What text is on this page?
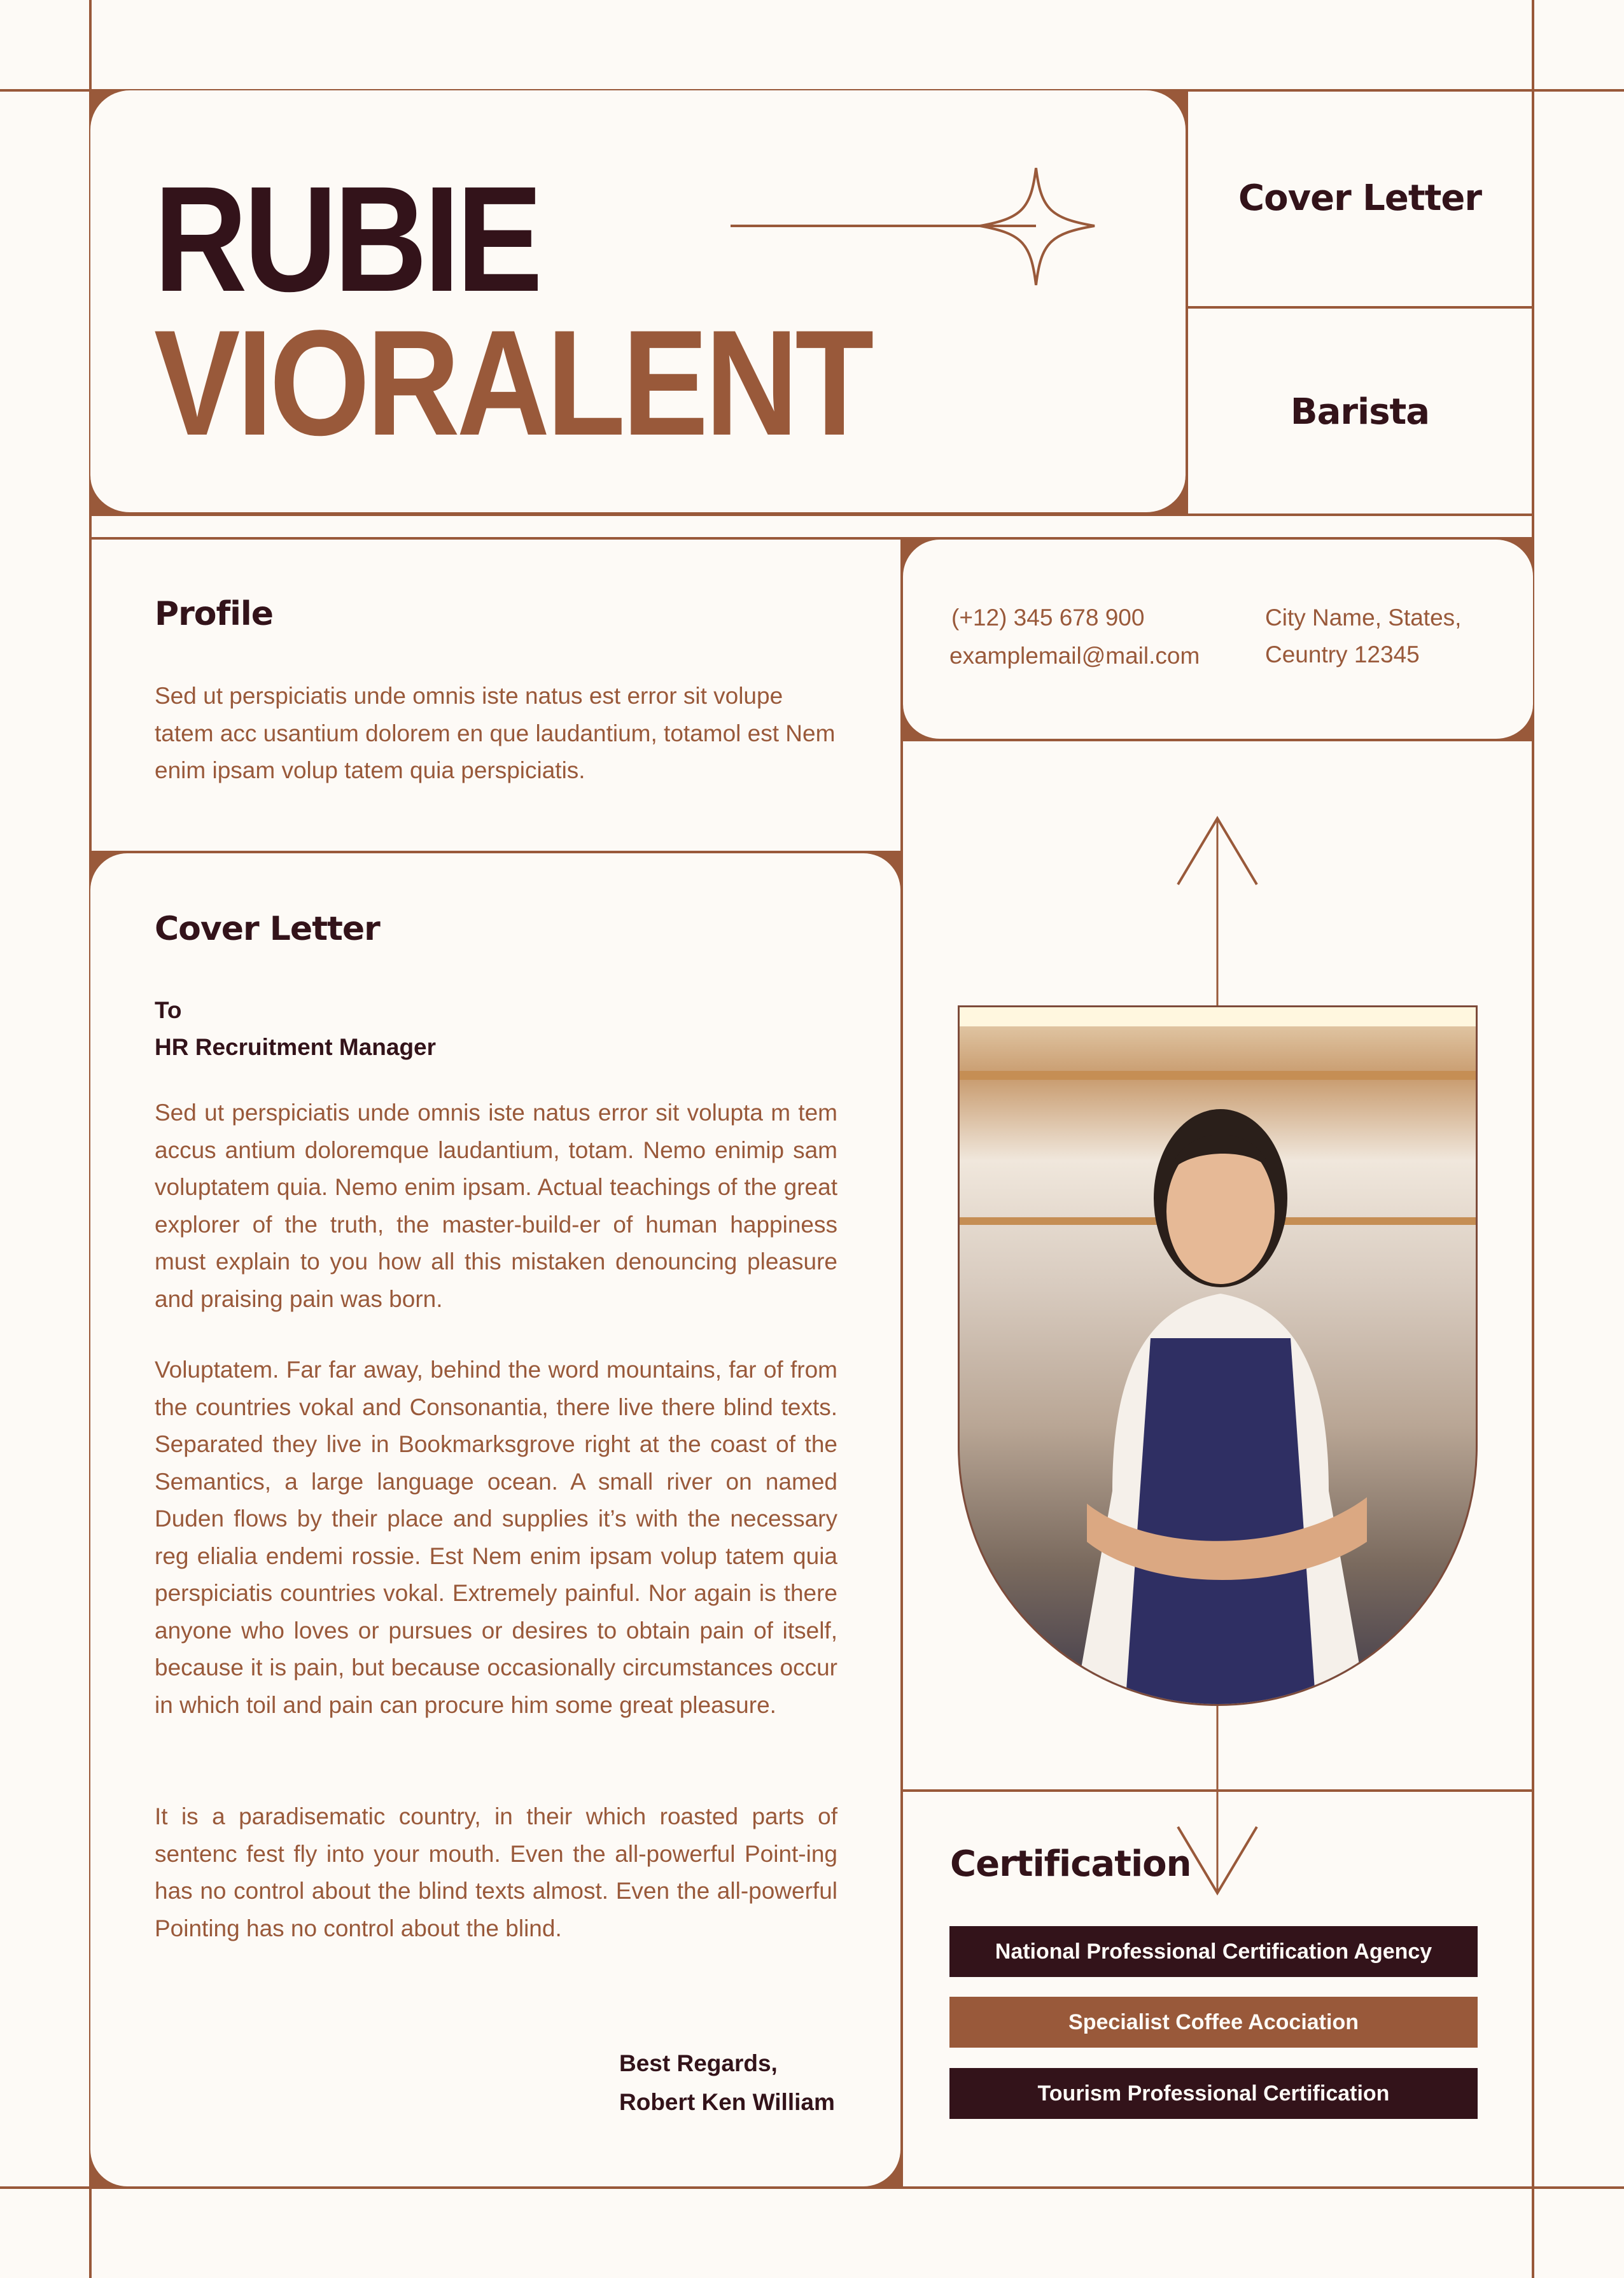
RUBIE
VIORALENT
Cover Letter
Barista
Profile
Sed ut perspiciatis unde omnis iste natus est error sit volupe tatem acc usantium dolorem en que laudantium, totamol est Nem enim ipsam volup tatem quia perspiciatis.
(+12) 345 678 900
examplemail@mail.com
City Name, States,
Ceuntry 12345
Cover Letter
To
HR Recruitment Manager
Sed ut perspiciatis unde omnis iste natus error sit volupta m tem accus antium doloremque laudantium, totam. Nemo enimip sam voluptatem quia. Nemo enim ipsam. Actual teachings of the great explorer of the truth, the master-build-er of human happiness must explain to you how all this mistaken denouncing pleasure and praising pain was born.
Voluptatem. Far far away, behind the word mountains, far of from the countries vokal and Consonantia, there live there blind texts. Separated they live in Bookmarksgrove right at the coast of the Semantics, a large language ocean. A small river on named Duden flows by their place and supplies it’s with the necessary reg elialia endemi rossie. Est Nem enim ipsam volup tatem quia perspiciatis countries vokal. Extremely painful. Nor again is there anyone who loves or pursues or desires to obtain pain of itself, because it is pain, but because occasionally circumstances occur in which toil and pain can procure him some great pleasure.
It is a paradisematic country, in their which roasted parts of sentenc fest fly into your mouth. Even the all-powerful Point-ing has no control about the blind texts almost. Even the all-powerful Pointing has no control about the blind.
Best Regards,
Robert Ken William
Certification
National Professional Certification Agency
Specialist Coffee Acociation
Tourism Professional Certification
